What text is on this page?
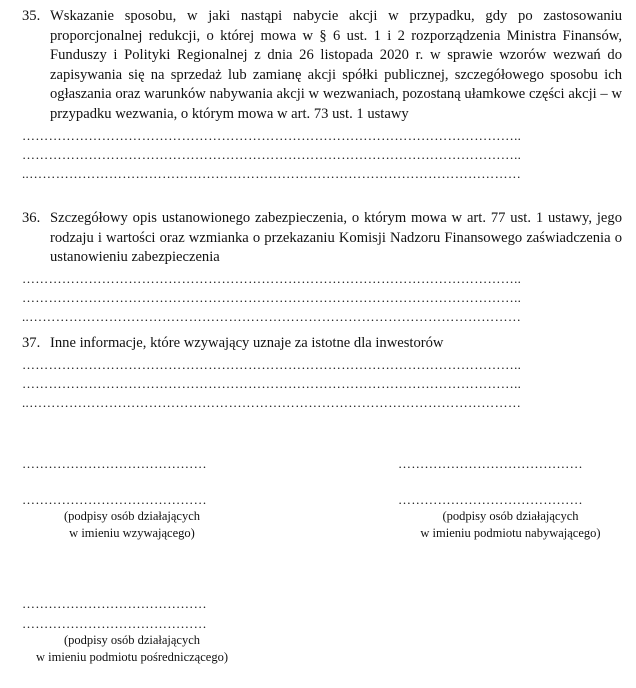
35. Wskazanie sposobu, w jaki nastąpi nabycie akcji w przypadku, gdy po zastosowaniu proporcjonalnej redukcji, o której mowa w § 6 ust. 1 i 2 rozporządzenia Ministra Finansów, Funduszy i Polityki Regionalnej z dnia 26 listopada 2020 r. w sprawie wzorów wezwań do zapisywania się na sprzedaż lub zamianę akcji spółki publicznej, szczegółowego sposobu ich ogłaszania oraz warunków nabywania akcji w wezwaniach, pozostaną ułamkowe części akcji – w przypadku wezwania, o którym mowa w art. 73 ust. 1 ustawy
…………………………………………………………………………………………………..
…………………………………………………………………………………………………..
..…………………………………………………………………………………………………
36. Szczegółowy opis ustanowionego zabezpieczenia, o którym mowa w art. 77 ust. 1 ustawy, jego rodzaju i wartości oraz wzmianka o przekazaniu Komisji Nadzoru Finansowego zaświadczenia o ustanowieniu zabezpieczenia
…………………………………………………………………………………………………..
…………………………………………………………………………………………………..
..…………………………………………………………………………………………………
37. Inne informacje, które wzywający uznaje za istotne dla inwestorów
…………………………………………………………………………………………………..
…………………………………………………………………………………………………..
..…………………………………………………………………………………………………
……………………………………
……………………………………
(podpisy osób działających
w imieniu wzywającego)
……………………………………
……………………………………
(podpisy osób działających
w imieniu podmiotu nabywającego)
……………………………………
……………………………………
(podpisy osób działających
w imieniu podmiotu pośredniczącego)
